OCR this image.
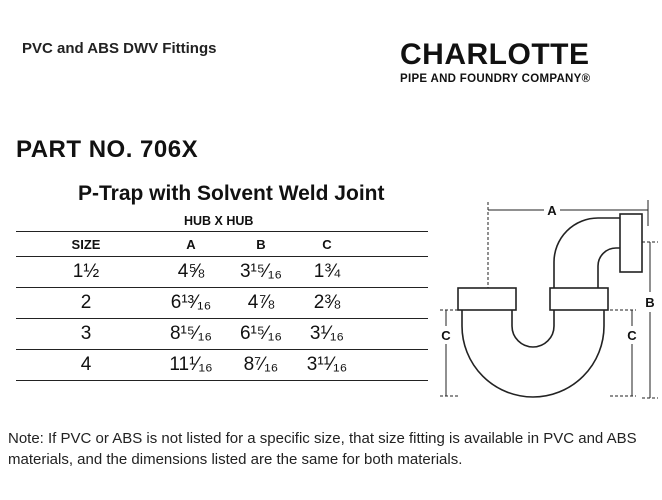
PVC and ABS DWV Fittings	CHARLOTTE
PIPE AND FOUNDRY COMPANY®
PART NO. 706X
P-Trap with Solvent Weld Joint
HUB X HUB
SIZE	A	B	C	
1½	4⅝	3¹⁵⁄₁₆	1¾	
2	6¹³⁄₁₆	4⅞	2⅜	
3	8¹⁵⁄₁₆	6¹⁵⁄₁₆	3¹⁄₁₆	
4	11¹⁄₁₆	8⁷⁄₁₆	3¹¹⁄₁₆	
A
B
C	C
Note: If PVC or ABS is not listed for a specific size, that size fitting is available in PVC and ABS materials, and the dimensions listed are the same for both materials.
